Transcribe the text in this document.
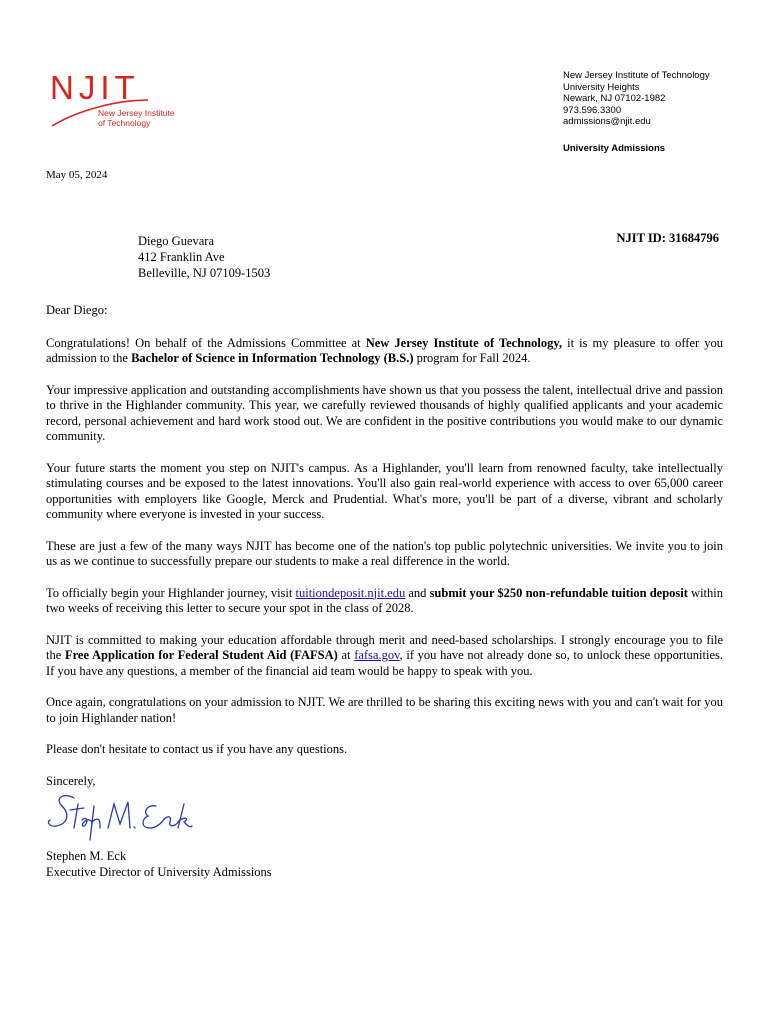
NJIT
New Jersey Institute
of Technology
New Jersey Institute of Technology
University Heights
Newark, NJ 07102-1982
973.596.3300
admissions@njit.edu
University Admissions
May 05, 2024
Diego Guevara
412 Franklin Ave
Belleville, NJ 07109-1503
NJIT ID: 31684796

Dear Diego:

Congratulations! On behalf of the Admissions Committee at New Jersey Institute of Technology, it is my pleasure to offer you admission to the Bachelor of Science in Information Technology (B.S.) program for Fall 2024.

Your impressive application and outstanding accomplishments have shown us that you possess the talent, intellectual drive and passion to thrive in the Highlander community. This year, we carefully reviewed thousands of highly qualified applicants and your academic record, personal achievement and hard work stood out. We are confident in the positive contributions you would make to our dynamic community.

Your future starts the moment you step on NJIT's campus. As a Highlander, you'll learn from renowned faculty, take intellectually stimulating courses and be exposed to the latest innovations. You'll also gain real-world experience with access to over 65,000 career opportunities with employers like Google, Merck and Prudential. What's more, you'll be part of a diverse, vibrant and scholarly community where everyone is invested in your success.

These are just a few of the many ways NJIT has become one of the nation's top public polytechnic universities. We invite you to join us as we continue to successfully prepare our students to make a real difference in the world.

To officially begin your Highlander journey, visit tuitiondeposit.njit.edu and submit your $250 non-refundable tuition deposit within two weeks of receiving this letter to secure your spot in the class of 2028.

NJIT is committed to making your education affordable through merit and need-based scholarships. I strongly encourage you to file the Free Application for Federal Student Aid (FAFSA) at fafsa.gov, if you have not already done so, to unlock these opportunities. If you have any questions, a member of the financial aid team would be happy to speak with you.

Once again, congratulations on your admission to NJIT. We are thrilled to be sharing this exciting news with you and can't wait for you to join Highlander nation!

Please don't hesitate to contact us if you have any questions.

Sincerely,

Stephen M. Eck
Executive Director of University Admissions
